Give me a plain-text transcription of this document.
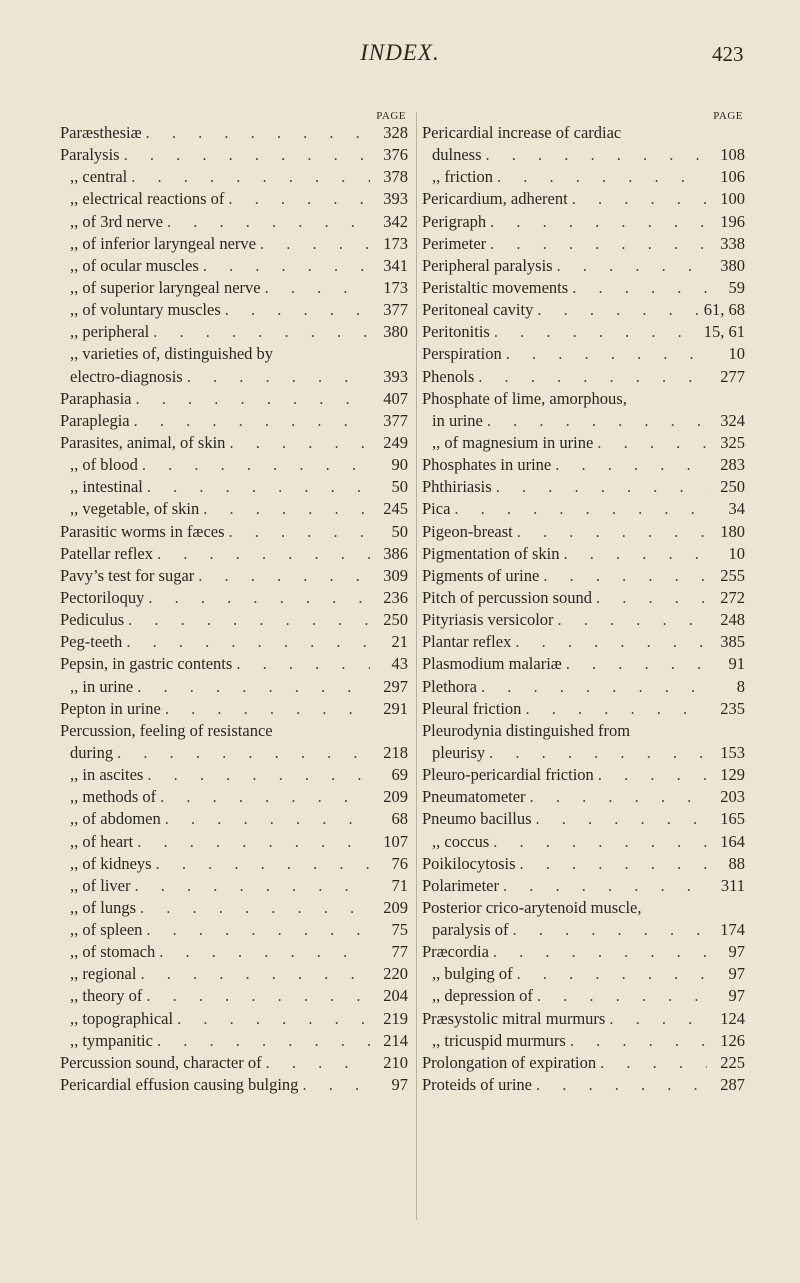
INDEX.	423
PAGE
Paræsthesiæ . . .	328
Paralysis . . .	376
,, central . . .	378
,, electrical reactions of . . .	393
,, of 3rd nerve . . .	342
,, of inferior laryngeal nerve . . .	173
,, of ocular muscles . . .	341
,, of superior laryngeal nerve . . .	173
,, of voluntary muscles . . .	377
,, peripheral . . .	380
,, varieties of, distinguished by
electro-diagnosis . . .	393
Paraphasia . . .	407
Paraplegia . . .	377
Parasites, animal, of skin . . .	249
,, of blood . . .	90
,, intestinal . . .	50
,, vegetable, of skin . . .	245
Parasitic worms in fæces . . .	50
Patellar reflex . . .	386
Pavy’s test for sugar . . .	309
Pectoriloquy . . .	236
Pediculus . . .	250
Peg-teeth . . .	21
Pepsin, in gastric contents . . .	43
,, in urine . . .	297
Pepton in urine . . .	291
Percussion, feeling of resistance
during . . .	218
,, in ascites . . .	69
,, methods of . . .	209
,, of abdomen . . .	68
,, of heart . . .	107
,, of kidneys . . .	76
,, of liver . . .	71
,, of lungs . . .	209
,, of spleen . . .	75
,, of stomach . . .	77
,, regional . . .	220
,, theory of . . .	204
,, topographical . . .	219
,, tympanitic . . .	214
Percussion sound, character of . . .	210
Pericardial effusion causing bulging . . .	97
PAGE
Pericardial increase of cardiac
dulness . . .	108
,, friction . . .	106
Pericardium, adherent . . .	100
Perigraph . . .	196
Perimeter . . .	338
Peripheral paralysis . . .	380
Peristaltic movements . . .	59
Peritoneal cavity . . .	61, 68
Peritonitis . . .	15, 61
Perspiration . . .	10
Phenols . . .	277
Phosphate of lime, amorphous,
in urine . . .	324
,, of magnesium in urine . . .	325
Phosphates in urine . . .	283
Phthiriasis . . .	250
Pica . . .	34
Pigeon-breast . . .	180
Pigmentation of skin . . .	10
Pigments of urine . . .	255
Pitch of percussion sound . . .	272
Pityriasis versicolor . . .	248
Plantar reflex . . .	385
Plasmodium malariæ . . .	91
Plethora . . .	8
Pleural friction . . .	235
Pleurodynia distinguished from
pleurisy . . .	153
Pleuro-pericardial friction . . .	129
Pneumatometer . . .	203
Pneumo bacillus . . .	165
,, coccus . . .	164
Poikilocytosis . . .	88
Polarimeter . . .	311
Posterior crico-arytenoid muscle,
paralysis of . . .	174
Præcordia . . .	97
,, bulging of . . .	97
,, depression of . . .	97
Præsystolic mitral murmurs . . .	124
,, tricuspid murmurs . . .	126
Prolongation of expiration . . .	225
Proteids of urine . . .	287
